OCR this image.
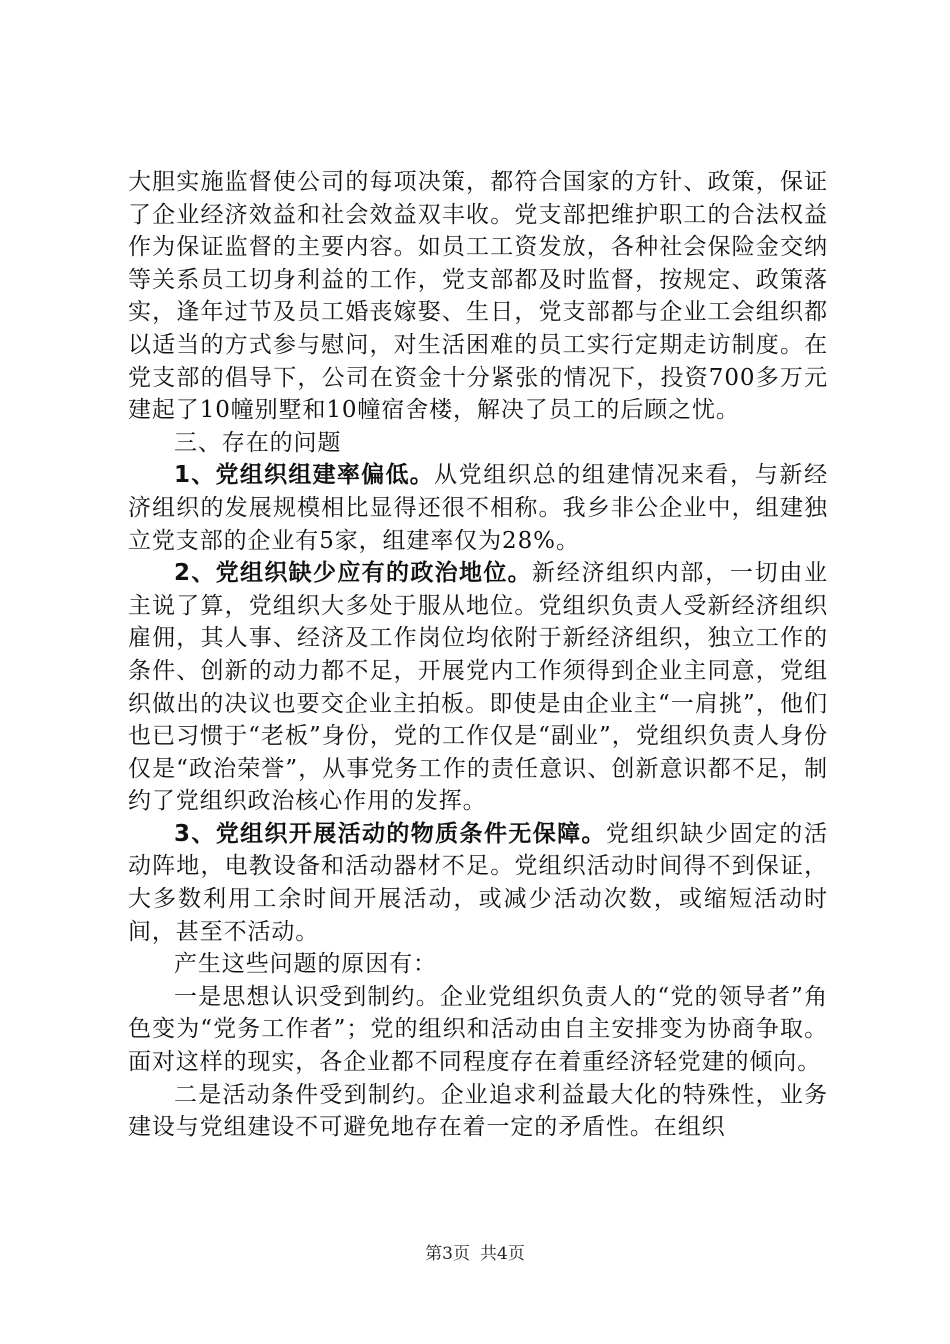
大胆实施监督使公司的每项决策，都符合国家的方针、政策，保证了企业经济效益和社会效益双丰收。党支部把维护职工的合法权益作为保证监督的主要内容。如员工工资发放，各种社会保险金交纳等关系员工切身利益的工作，党支部都及时监督，按规定、政策落实，逢年过节及员工婚丧嫁娶、生日，党支部都与企业工会组织都以适当的方式参与慰问，对生活困难的员工实行定期走访制度。在党支部的倡导下，公司在资金十分紧张的情况下，投资700多万元建起了10幢别墅和10幢宿舍楼，解决了员工的后顾之忧。

三、存在的问题

1、党组织组建率偏低。从党组织总的组建情况来看，与新经济组织的发展规模相比显得还很不相称。我乡非公企业中，组建独立党支部的企业有5家，组建率仅为28%。

2、党组织缺少应有的政治地位。新经济组织内部，一切由业主说了算，党组织大多处于服从地位。党组织负责人受新经济组织雇佣，其人事、经济及工作岗位均依附于新经济组织，独立工作的条件、创新的动力都不足，开展党内工作须得到企业主同意，党组织做出的决议也要交企业主拍板。即使是由企业主“一肩挑”，他们也已习惯于“老板”身份，党的工作仅是“副业”，党组织负责人身份仅是“政治荣誉”，从事党务工作的责任意识、创新意识都不足，制约了党组织政治核心作用的发挥。

3、党组织开展活动的物质条件无保障。党组织缺少固定的活动阵地，电教设备和活动器材不足。党组织活动时间得不到保证，大多数利用工余时间开展活动，或减少活动次数，或缩短活动时间，甚至不活动。

产生这些问题的原因有：

一是思想认识受到制约。企业党组织负责人的“党的领导者”角色变为“党务工作者”；党的组织和活动由自主安排变为协商争取。面对这样的现实，各企业都不同程度存在着重经济轻党建的倾向。

二是活动条件受到制约。企业追求利益最大化的特殊性，业务建设与党组建设不可避免地存在着一定的矛盾性。在组织

第3页 共4页
